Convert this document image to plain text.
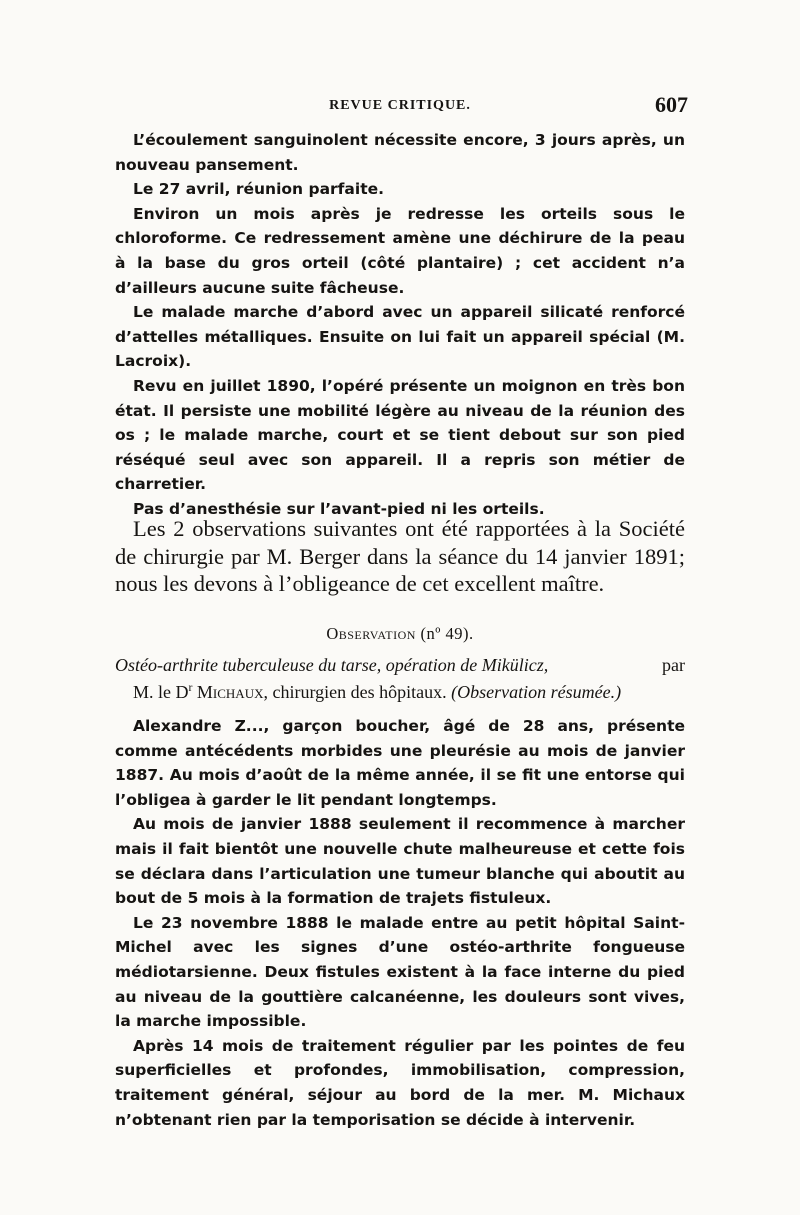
REVUE CRITIQUE.	607

L’écoulement sanguinolent nécessite encore, 3 jours après, un nouveau pansement.

Le 27 avril, réunion parfaite.

Environ un mois après je redresse les orteils sous le chloroforme. Ce redressement amène une déchirure de la peau à la base du gros orteil (côté plantaire) ; cet accident n’a d’ailleurs aucune suite fâcheuse.

Le malade marche d’abord avec un appareil silicaté renforcé d’attelles métalliques. Ensuite on lui fait un appareil spécial (M. Lacroix).

Revu en juillet 1890, l’opéré présente un moignon en très bon état. Il persiste une mobilité légère au niveau de la réunion des os ; le malade marche, court et se tient debout sur son pied réséqué seul avec son appareil. Il a repris son métier de charretier.

Pas d’anesthésie sur l’avant-pied ni les orteils.

Les 2 observations suivantes ont été rapportées à la Société de chirurgie par M. Berger dans la séance du 14 janvier 1891; nous les devons à l’obligeance de cet excellent maître.

Observation (nº 49).
Ostéo-arthrite tuberculeuse du tarse, opération de Mikülicz,	par
M. le $D^r$ Michaux, chirurgien des hôpitaux. (Observation résumée.)

Alexandre Z..., garçon boucher, âgé de 28 ans, présente comme antécédents morbides une pleurésie au mois de janvier 1887. Au mois d’août de la même année, il se fit une entorse qui l’obligea à garder le lit pendant longtemps.

Au mois de janvier 1888 seulement il recommence à marcher mais il fait bientôt une nouvelle chute malheureuse et cette fois se déclara dans l’articulation une tumeur blanche qui aboutit au bout de 5 mois à la formation de trajets fistuleux.

Le 23 novembre 1888 le malade entre au petit hôpital Saint-Michel avec les signes d’une ostéo-arthrite fongueuse médiotarsienne. Deux fistules existent à la face interne du pied au niveau de la gouttière calcanéenne, les douleurs sont vives, la marche impossible.

Après 14 mois de traitement régulier par les pointes de feu superficielles et profondes, immobilisation, compression, traitement général, séjour au bord de la mer. M. Michaux n’obtenant rien par la temporisation se décide à intervenir.
